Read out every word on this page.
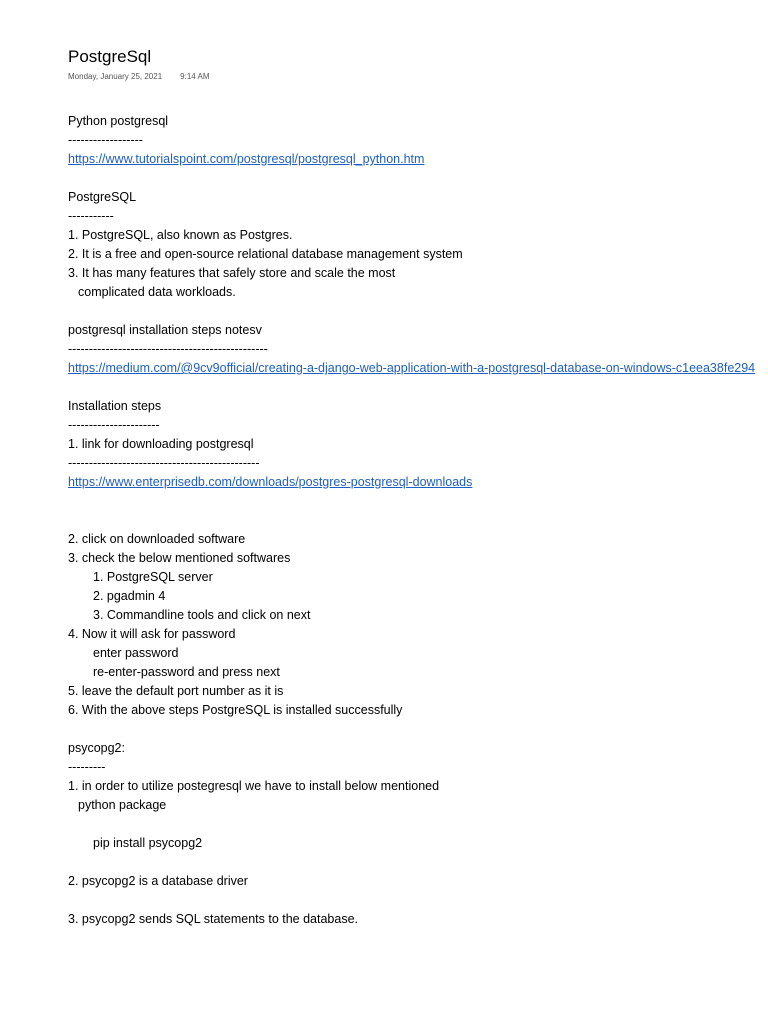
PostgreSql
Monday, January 25, 2021 9:14 AM
Python postgresql
------------------
https://www.tutorialspoint.com/postgresql/postgresql_python.htm
PostgreSQL
-----------
1. PostgreSQL, also known as Postgres.
2. It is a free and open-source relational database management system
3. It has many features that safely store and scale the most
complicated data workloads.
postgresql installation steps notesv
------------------------------------------------
https://medium.com/@9cv9official/creating-a-django-web-application-with-a-postgresql-database-on-windows-c1eea38fe294
Installation steps
----------------------
1. link for downloading postgresql
----------------------------------------------
https://www.enterprisedb.com/downloads/postgres-postgresql-downloads
2. click on downloaded software
3. check the below mentioned softwares
1. PostgreSQL server
2. pgadmin 4
3. Commandline tools and click on next
4. Now it will ask for password
enter password
re-enter-password and press next
5. leave the default port number as it is
6. With the above steps PostgreSQL is installed successfully
psycopg2:
---------
1. in order to utilize postegresql we have to install below mentioned
python package
pip install psycopg2
2. psycopg2 is a database driver
3. psycopg2 sends SQL statements to the database.
